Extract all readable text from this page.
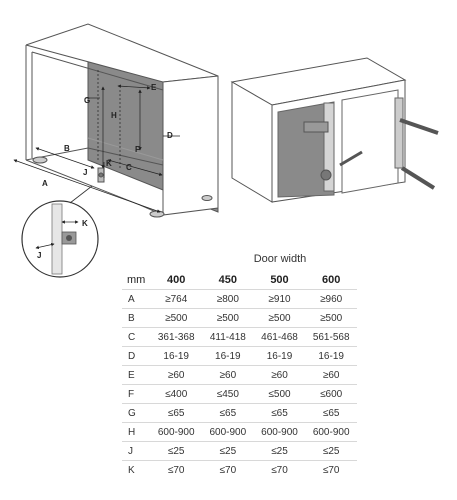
A
B
C
D
E
F
G
H
J
K
J
K
Door width
mm	400	450	500	600
A	≥764	≥800	≥910	≥960
B	≥500	≥500	≥500	≥500
C	361-368	411-418	461-468	561-568
D	16-19	16-19	16-19	16-19
E	≥60	≥60	≥60	≥60
F	≤400	≤450	≤500	≤600
G	≤65	≤65	≤65	≤65
H	600-900	600-900	600-900	600-900
J	≤25	≤25	≤25	≤25
K	≤70	≤70	≤70	≤70
